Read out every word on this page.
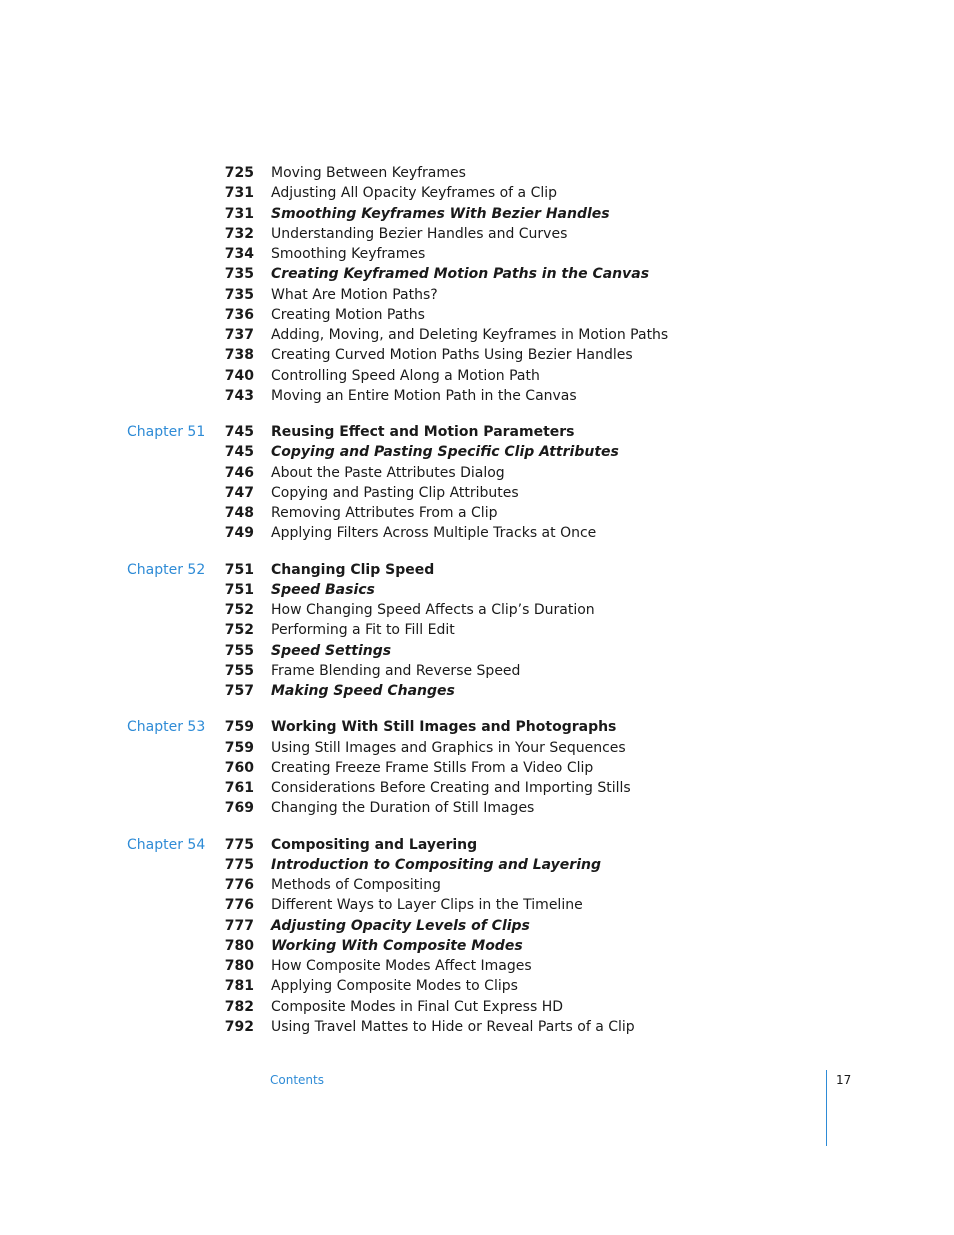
725 Moving Between Keyframes
731 Adjusting All Opacity Keyframes of a Clip
731 Smoothing Keyframes With Bezier Handles
732 Understanding Bezier Handles and Curves
734 Smoothing Keyframes
735 Creating Keyframed Motion Paths in the Canvas
735 What Are Motion Paths?
736 Creating Motion Paths
737 Adding, Moving, and Deleting Keyframes in Motion Paths
738 Creating Curved Motion Paths Using Bezier Handles
740 Controlling Speed Along a Motion Path
743 Moving an Entire Motion Path in the Canvas
Chapter 51	745 Reusing Effect and Motion Parameters
745 Copying and Pasting Specific Clip Attributes
746 About the Paste Attributes Dialog
747 Copying and Pasting Clip Attributes
748 Removing Attributes From a Clip
749 Applying Filters Across Multiple Tracks at Once
Chapter 52	751 Changing Clip Speed
751 Speed Basics
752 How Changing Speed Affects a Clip’s Duration
752 Performing a Fit to Fill Edit
755 Speed Settings
755 Frame Blending and Reverse Speed
757 Making Speed Changes
Chapter 53	759 Working With Still Images and Photographs
759 Using Still Images and Graphics in Your Sequences
760 Creating Freeze Frame Stills From a Video Clip
761 Considerations Before Creating and Importing Stills
769 Changing the Duration of Still Images
Chapter 54	775 Compositing and Layering
775 Introduction to Compositing and Layering
776 Methods of Compositing
776 Different Ways to Layer Clips in the Timeline
777 Adjusting Opacity Levels of Clips
780 Working With Composite Modes
780 How Composite Modes Affect Images
781 Applying Composite Modes to Clips
782 Composite Modes in Final Cut Express HD
792 Using Travel Mattes to Hide or Reveal Parts of a Clip
Contents	17
